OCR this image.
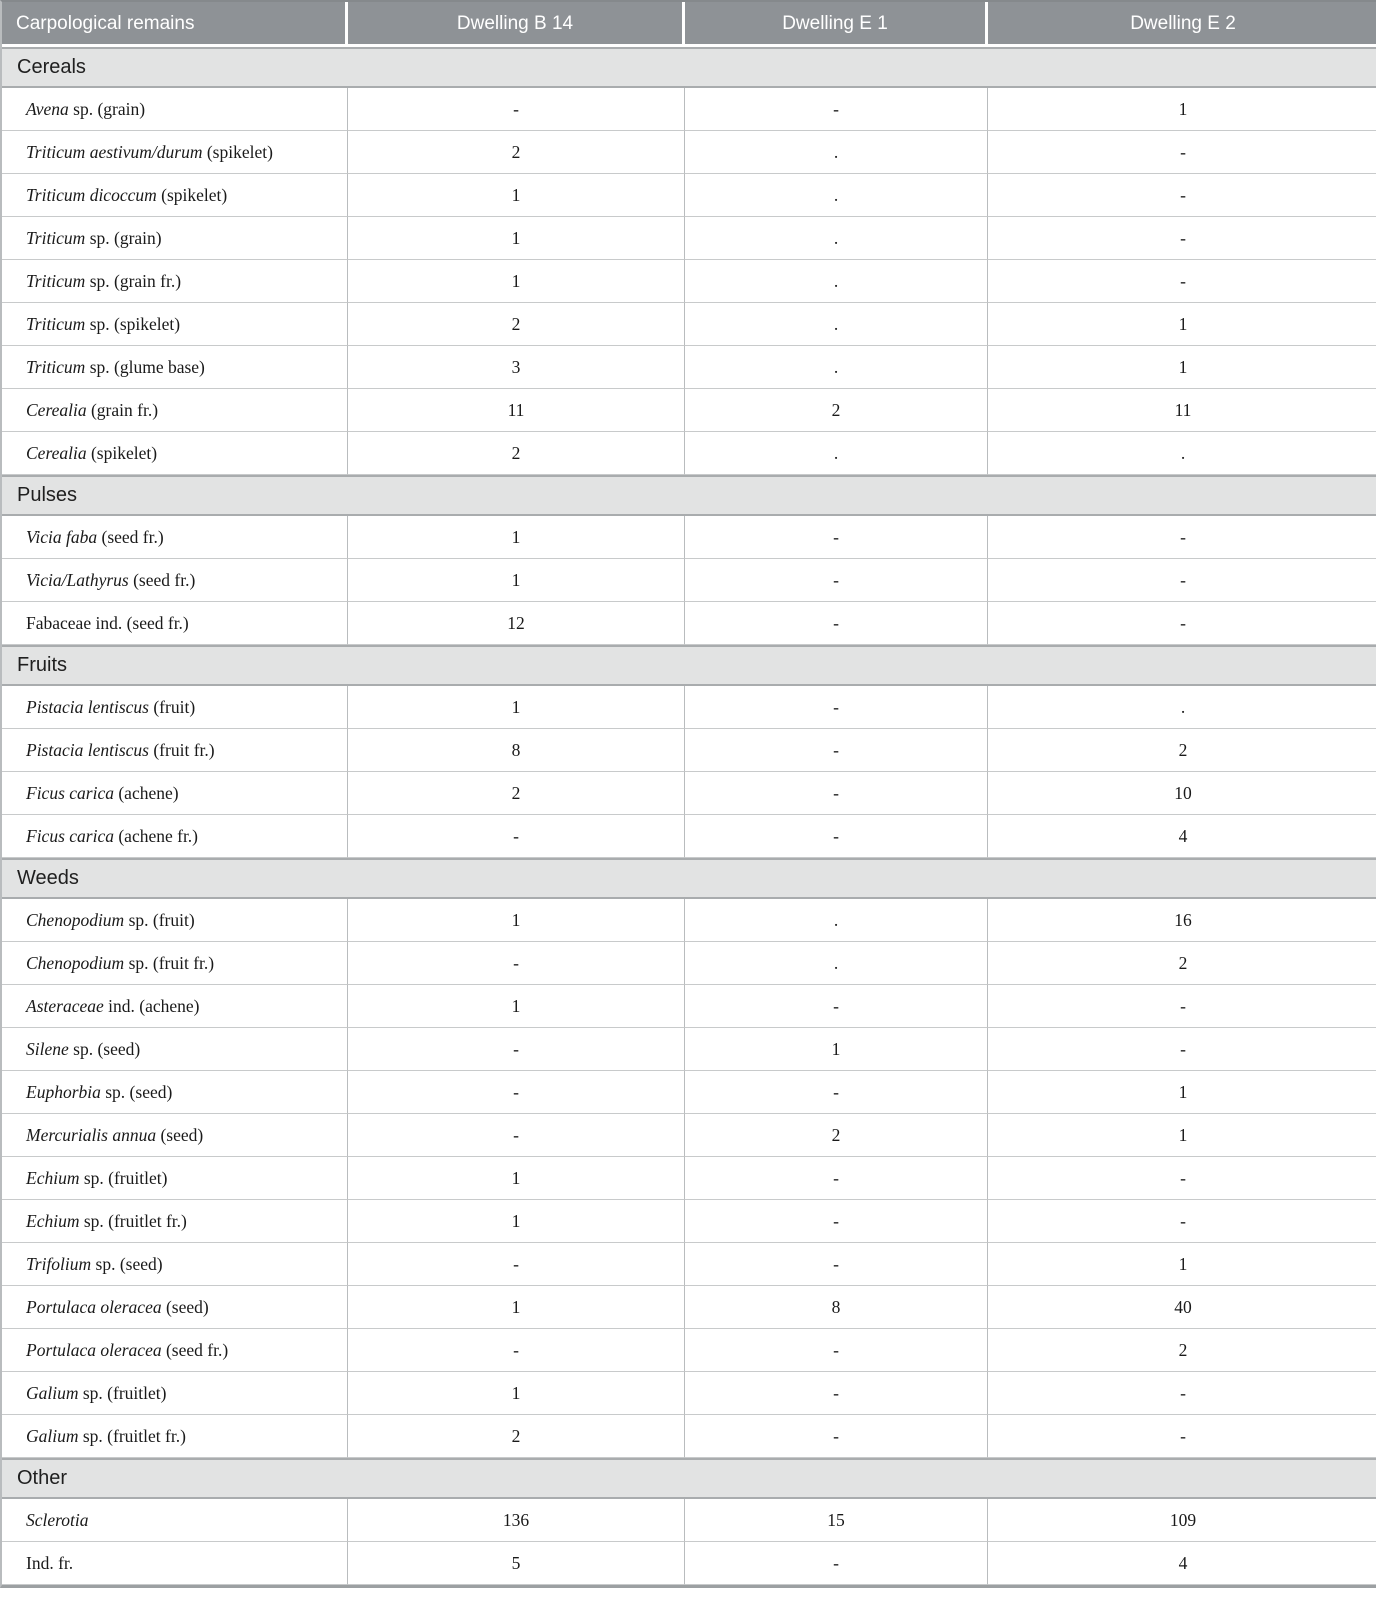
Carpological remains	Dwelling B 14	Dwelling E 1	Dwelling E 2
Cereals			
Avena sp. (grain)	-	-	1
Triticum aestivum/durum (spikelet)	2	.	-
Triticum dicoccum (spikelet)	1	.	-
Triticum sp. (grain)	1	.	-
Triticum sp. (grain fr.)	1	.	-
Triticum sp. (spikelet)	2	.	1
Triticum sp. (glume base)	3	.	1
Cerealia (grain fr.)	11	2	11
Cerealia (spikelet)	2	.	.
Pulses			
Vicia faba (seed fr.)	1	-	-
Vicia/Lathyrus (seed fr.)	1	-	-
Fabaceae ind. (seed fr.)	12	-	-
Fruits			
Pistacia lentiscus (fruit)	1	-	.
Pistacia lentiscus (fruit fr.)	8	-	2
Ficus carica (achene)	2	-	10
Ficus carica (achene fr.)	-	-	4
Weeds			
Chenopodium sp. (fruit)	1	.	16
Chenopodium sp. (fruit fr.)	-	.	2
Asteraceae ind. (achene)	1	-	-
Silene sp. (seed)	-	1	-
Euphorbia sp. (seed)	-	-	1
Mercurialis annua (seed)	-	2	1
Echium sp. (fruitlet)	1	-	-
Echium sp. (fruitlet fr.)	1	-	-
Trifolium sp. (seed)	-	-	1
Portulaca oleracea (seed)	1	8	40
Portulaca oleracea (seed fr.)	-	-	2
Galium sp. (fruitlet)	1	-	-
Galium sp. (fruitlet fr.)	2	-	-
Other			
Sclerotia	136	15	109
Ind. fr.	5	-	4
